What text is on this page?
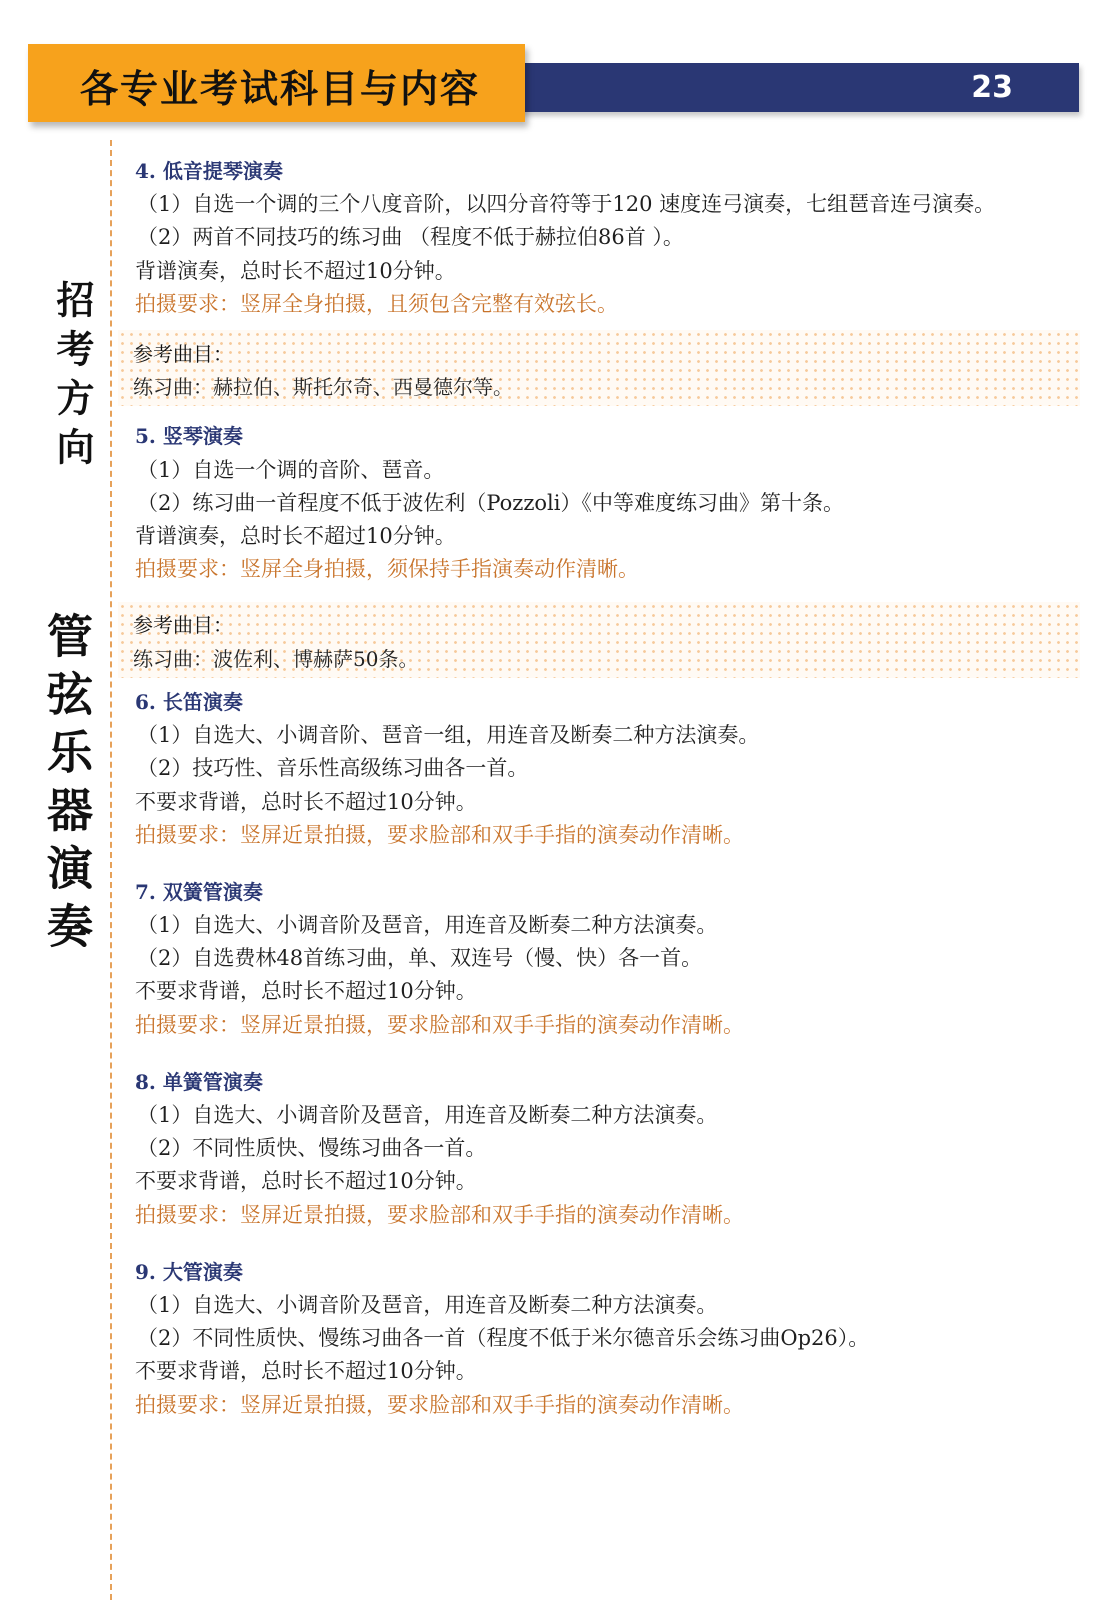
各专业考试科目与内容	23
招考方向
管弦乐器演奏
4. 低音提琴演奏
（1）自选一个调的三个八度音阶，以四分音符等于120 速度连弓演奏，七组琶音连弓演奏。
（2）两首不同技巧的练习曲 （程度不低于赫拉伯86首 ）。
背谱演奏，总时长不超过10分钟。
拍摄要求：竖屏全身拍摄，且须包含完整有效弦长。
参考曲目：
练习曲：赫拉伯、斯托尔奇、西曼德尔等。
5. 竖琴演奏
（1）自选一个调的音阶、琶音。
（2）练习曲一首程度不低于波佐利（Pozzoli）《中等难度练习曲》第十条。
背谱演奏，总时长不超过10分钟。
拍摄要求：竖屏全身拍摄，须保持手指演奏动作清晰。
参考曲目：
练习曲：波佐利、博赫萨50条。
6. 长笛演奏
（1）自选大、小调音阶、琶音一组，用连音及断奏二种方法演奏。
（2）技巧性、音乐性高级练习曲各一首。
不要求背谱，总时长不超过10分钟。
拍摄要求：竖屏近景拍摄，要求脸部和双手手指的演奏动作清晰。
7. 双簧管演奏
（1）自选大、小调音阶及琶音，用连音及断奏二种方法演奏。
（2）自选费林48首练习曲，单、双连号（慢、快）各一首。
不要求背谱，总时长不超过10分钟。
拍摄要求：竖屏近景拍摄，要求脸部和双手手指的演奏动作清晰。
8. 单簧管演奏
（1）自选大、小调音阶及琶音，用连音及断奏二种方法演奏。
（2）不同性质快、慢练习曲各一首。
不要求背谱，总时长不超过10分钟。
拍摄要求：竖屏近景拍摄，要求脸部和双手手指的演奏动作清晰。
9. 大管演奏
（1）自选大、小调音阶及琶音，用连音及断奏二种方法演奏。
（2）不同性质快、慢练习曲各一首（程度不低于米尔德音乐会练习曲Op26）。
不要求背谱，总时长不超过10分钟。
拍摄要求：竖屏近景拍摄，要求脸部和双手手指的演奏动作清晰。
